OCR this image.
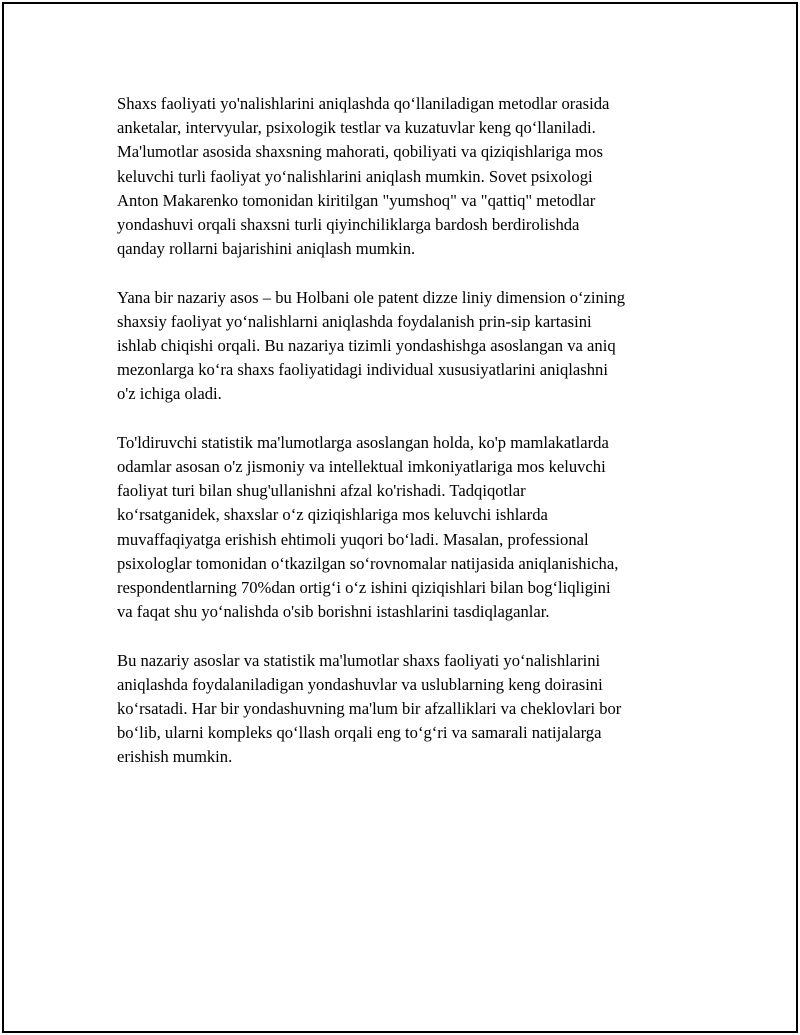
Shaxs faoliyati yo'nalishlarini aniqlashda qo‘llaniladigan metodlar orasida
anketalar, intervyular, psixologik testlar va kuzatuvlar keng qo‘llaniladi.
Ma'lumotlar asosida shaxsning mahorati, qobiliyati va qiziqishlariga mos
keluvchi turli faoliyat yo‘nalishlarini aniqlash mumkin. Sovet psixologi
Anton Makarenko tomonidan kiritilgan "yumshoq" va "qattiq" metodlar
yondashuvi orqali shaxsni turli qiyinchiliklarga bardosh berdirolishda
qanday rollarni bajarishini aniqlash mumkin.

Yana bir nazariy asos – bu Holbani ole patent dizze liniy dimension o‘zining
shaxsiy faoliyat yo‘nalishlarni aniqlashda foydalanish prin-sip kartasini
ishlab chiqishi orqali. Bu nazariya tizimli yondashishga asoslangan va aniq
mezonlarga ko‘ra shaxs faoliyatidagi individual xususiyatlarini aniqlashni
o'z ichiga oladi.

To'ldiruvchi statistik ma'lumotlarga asoslangan holda, ko'p mamlakatlarda
odamlar asosan o'z jismoniy va intellektual imkoniyatlariga mos keluvchi
faoliyat turi bilan shug'ullanishni afzal ko'rishadi. Tadqiqotlar
ko‘rsatganidek, shaxslar o‘z qiziqishlariga mos keluvchi ishlarda
muvaffaqiyatga erishish ehtimoli yuqori bo‘ladi. Masalan, professional
psixologlar tomonidan o‘tkazilgan so‘rovnomalar natijasida aniqlanishicha,
respondentlarning 70%dan ortig‘i o‘z ishini qiziqishlari bilan bog‘liqligini
va faqat shu yo‘nalishda o'sib borishni istashlarini tasdiqlaganlar.

Bu nazariy asoslar va statistik ma'lumotlar shaxs faoliyati yo‘nalishlarini
aniqlashda foydalaniladigan yondashuvlar va uslublarning keng doirasini
ko‘rsatadi. Har bir yondashuvning ma'lum bir afzalliklari va cheklovlari bor
bo‘lib, ularni kompleks qo‘llash orqali eng to‘g‘ri va samarali natijalarga
erishish mumkin.
